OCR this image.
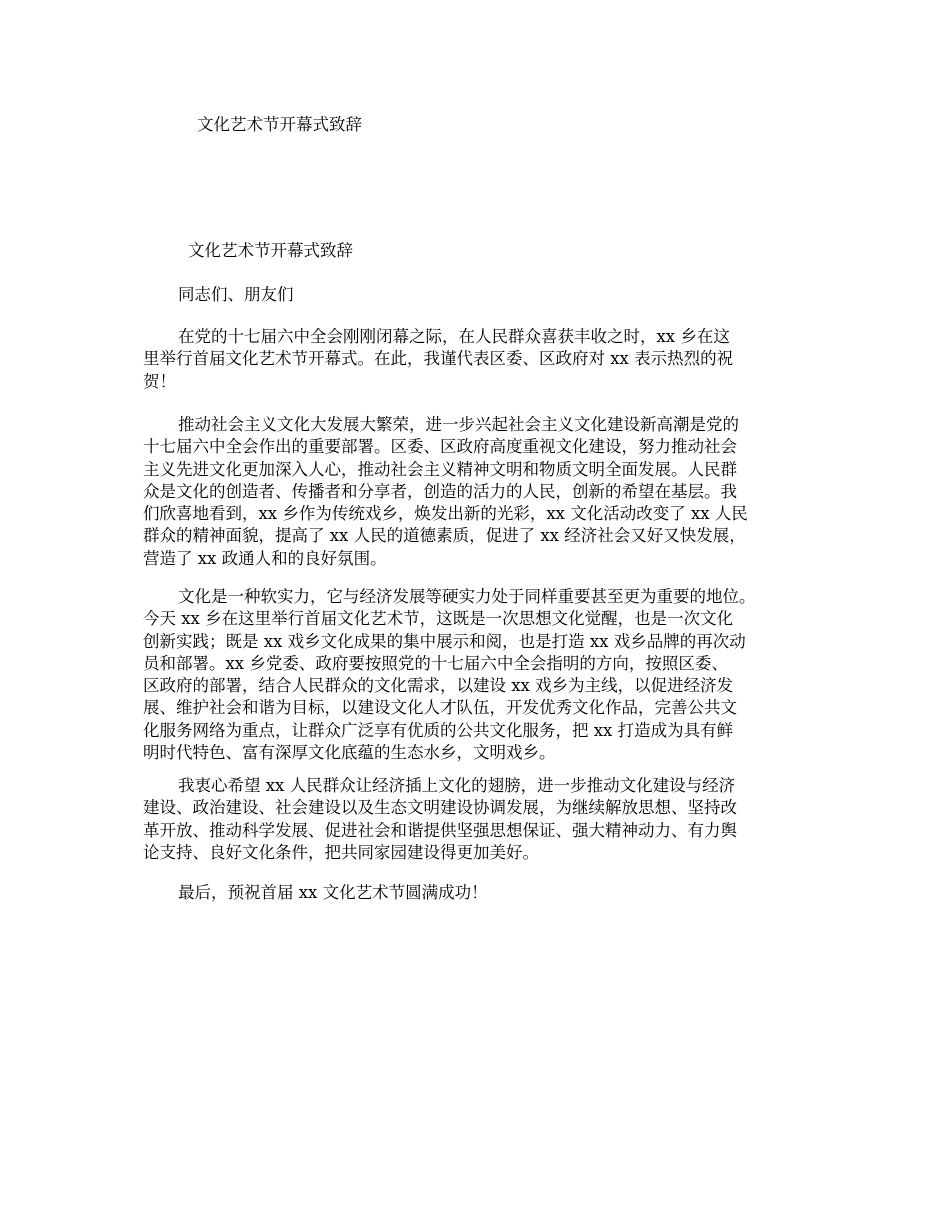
文化艺术节开幕式致辞
文化艺术节开幕式致辞
同志们、朋友们

在党的十七届六中全会刚刚闭幕之际，在人民群众喜获丰收之时，xx 乡在这
里举行首届文化艺术节开幕式。在此，我谨代表区委、区政府对 xx 表示热烈的祝
贺！

推动社会主义文化大发展大繁荣，进一步兴起社会主义文化建设新高潮是党的
十七届六中全会作出的重要部署。区委、区政府高度重视文化建设，努力推动社会
主义先进文化更加深入人心，推动社会主义精神文明和物质文明全面发展。人民群
众是文化的创造者、传播者和分享者，创造的活力的人民，创新的希望在基层。我
们欣喜地看到，xx 乡作为传统戏乡，焕发出新的光彩，xx 文化活动改变了 xx 人民
群众的精神面貌，提高了 xx 人民的道德素质，促进了 xx 经济社会又好又快发展，
营造了 xx 政通人和的良好氛围。

文化是一种软实力，它与经济发展等硬实力处于同样重要甚至更为重要的地位。
今天 xx 乡在这里举行首届文化艺术节，这既是一次思想文化觉醒，也是一次文化
创新实践；既是 xx 戏乡文化成果的集中展示和阅，也是打造 xx 戏乡品牌的再次动
员和部署。xx 乡党委、政府要按照党的十七届六中全会指明的方向，按照区委、
区政府的部署，结合人民群众的文化需求，以建设 xx 戏乡为主线，以促进经济发
展、维护社会和谐为目标，以建设文化人才队伍，开发优秀文化作品，完善公共文
化服务网络为重点，让群众广泛享有优质的公共文化服务，把 xx 打造成为具有鲜
明时代特色、富有深厚文化底蕴的生态水乡，文明戏乡。

我衷心希望 xx 人民群众让经济插上文化的翅膀，进一步推动文化建设与经济
建设、政治建设、社会建设以及生态文明建设协调发展，为继续解放思想、坚持改
革开放、推动科学发展、促进社会和谐提供坚强思想保证、强大精神动力、有力舆
论支持、良好文化条件，把共同家园建设得更加美好。

最后，预祝首届 xx 文化艺术节圆满成功！
